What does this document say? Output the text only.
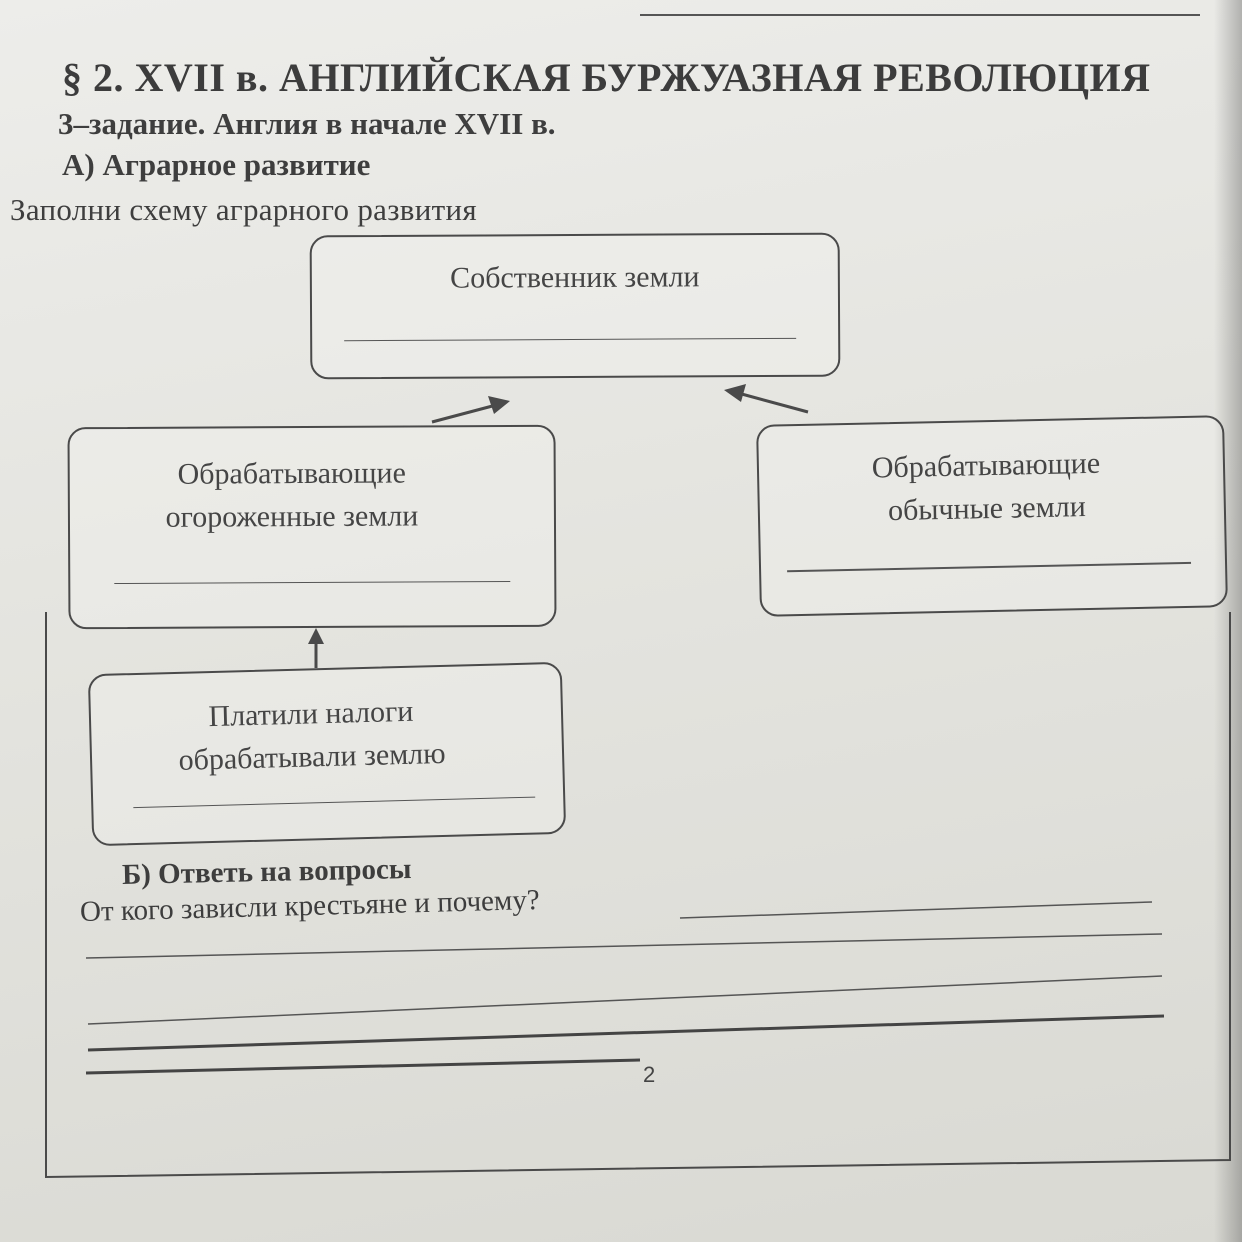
§ 2. XVII в. АНГЛИЙСКАЯ БУРЖУАЗНАЯ РЕВОЛЮЦИЯ
3–задание. Англия в начале XVII в.
А) Аграрное развитие
Заполни схему аграрного развития
Собственник земли
Обрабатывающие
огороженные земли
Обрабатывающие
обычные земли
Платили налоги
обрабатывали землю
Б) Ответь на вопросы
От кого зависли крестьяне и почему?
2
